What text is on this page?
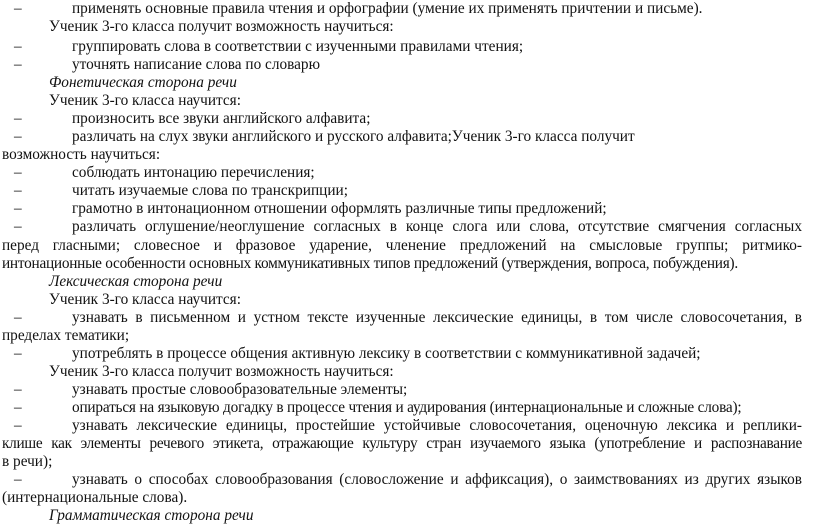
–	применять основные правила чтения и орфографии (умение их применять причтении и письме).
Ученик 3-го класса получит возможность научиться:
–	группировать слова в соответствии с изученными правилами чтения;
–	уточнять написание слова по словарю
Фонетическая сторона речи
Ученик 3-го класса научится:
–	произносить все звуки английского алфавита;
–	различать на слух звуки английского и русского алфавита;Ученик 3-го класса получит
возможность научиться:
–	соблюдать интонацию перечисления;
–	читать изучаемые слова по транскрипции;
–	грамотно в интонационном отношении оформлять различные типы предложений;
–	различать оглушение/неоглушение согласных в конце слога или слова, отсутствие смягчения согласных
перед гласными; словесное и фразовое ударение, членение предложений на смысловые группы; ритмико-
интонационные особенности основных коммуникативных типов предложений (утверждения, вопроса, побуждения).
Лексическая сторона речи
Ученик 3-го класса научится:
–	узнавать в письменном и устном тексте изученные лексические единицы, в том числе словосочетания, в
пределах тематики;
–	употреблять в процессе общения активную лексику в соответствии с коммуникативной задачей;
Ученик 3-го класса получит возможность научиться:
–	узнавать простые словообразовательные элементы;
–	опираться на языковую догадку в процессе чтения и аудирования (интернациональные и сложные слова);
–	узнавать лексические единицы, простейшие устойчивые словосочетания, оценочную лексика и реплики-
клише как элементы речевого этикета, отражающие культуру стран изучаемого языка (употребление и распознавание
в речи);
–	узнавать о способах словообразования (словосложение и аффиксация), о заимствованиях из других языков
(интернациональные слова).
Грамматическая сторона речи
